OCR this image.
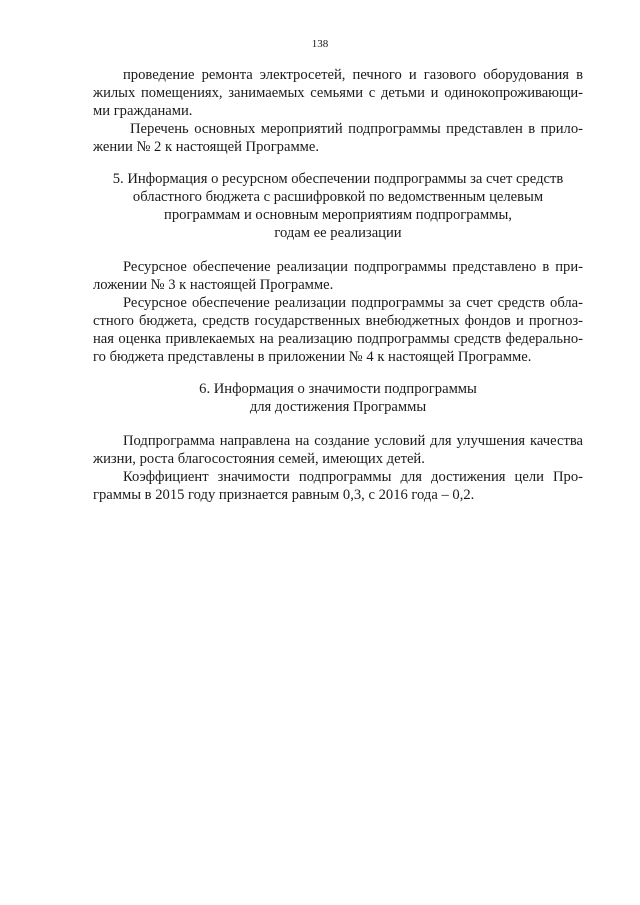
138
проведение ремонта электросетей, печного и газового оборудования в
жилых помещениях, занимаемых семьями с детьми и одинокопроживающи-
ми гражданами.
Перечень основных мероприятий подпрограммы представлен в прило-
жении № 2 к настоящей Программе.
5. Информация о ресурсном обеспечении подпрограммы за счет средств
областного бюджета с расшифровкой по ведомственным целевым
программам и основным мероприятиям подпрограммы,
годам ее реализации
Ресурсное обеспечение реализации подпрограммы представлено в при-
ложении № 3 к настоящей Программе.
Ресурсное обеспечение реализации подпрограммы за счет средств обла-
стного бюджета, средств государственных внебюджетных фондов и прогноз-
ная оценка привлекаемых на реализацию подпрограммы средств федерально-
го бюджета представлены в приложении № 4 к настоящей Программе.
6. Информация о значимости подпрограммы
для достижения Программы
Подпрограмма направлена на создание условий для улучшения качества
жизни, роста благосостояния семей, имеющих детей.
Коэффициент значимости подпрограммы для достижения цели Про-
граммы в 2015 году признается равным 0,3, с 2016 года – 0,2.
